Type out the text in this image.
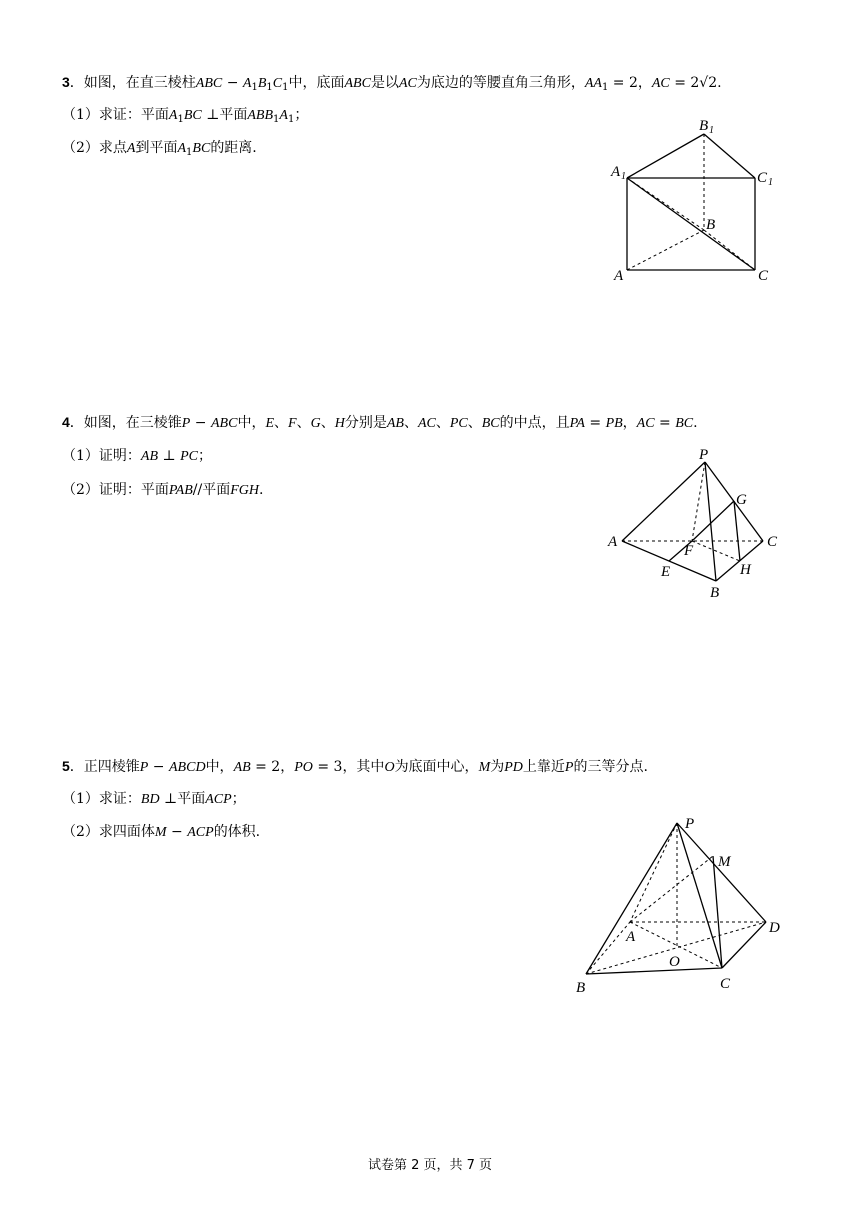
3．如图，在直三棱柱ABC − $A_1B_1C_1$中，底面ABC是以AC为底边的等腰直角三角形，$AA_1 = 2$，AC = 2√2.
（1）求证：平面$A_1BC$ ⊥平面$ABB_1A_1$；
（2）求点A到平面$A_1BC$的距离.
B 1
A 1	C 1
B
A	C
4．如图，在三棱锥P − ABC中，E、F、G、H分别是AB、AC、PC、BC的中点，且PA = PB，AC = BC.
（1）证明：AB ⊥ PC；
（2）证明：平面PAB//平面FGH.
P
A	C
G
F
E	H
B
5．正四棱锥P − ABCD中，AB = 2，PO = 3，其中O为底面中心，M为PD上靠近P的三等分点.
（1）求证：BD ⊥平面ACP；
（2）求四面体M − ACP的体积.	P
M
D
A
O
C
B
试卷第 2 页，共 7 页
